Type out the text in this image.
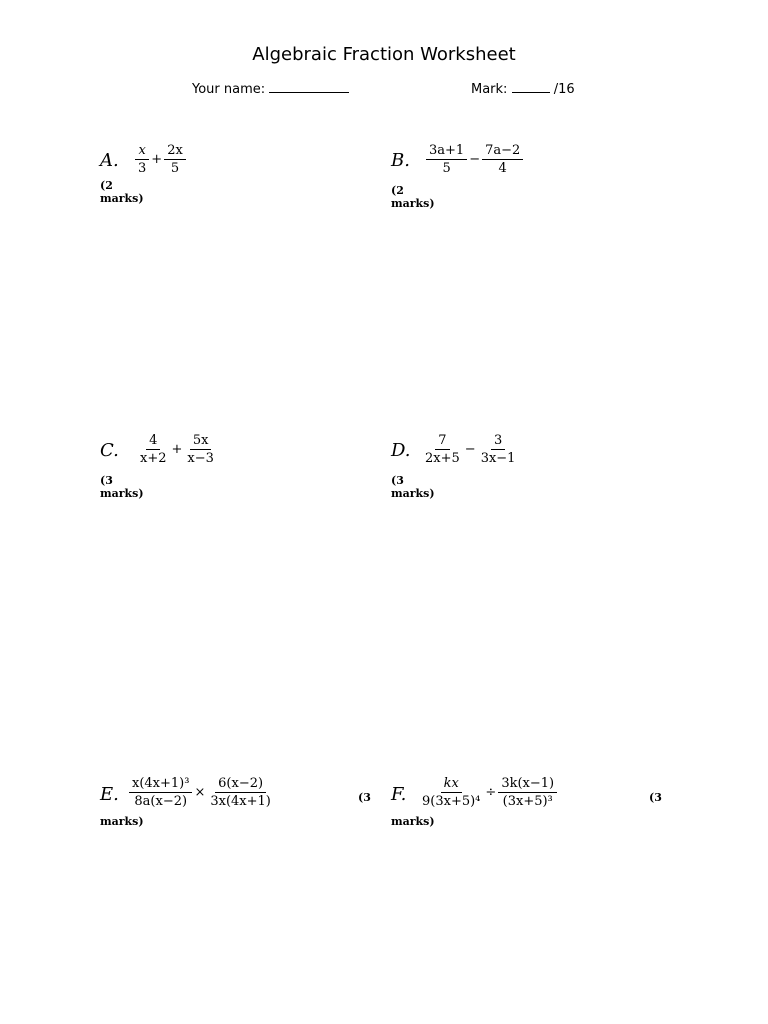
Algebraic Fraction Worksheet
Your name:	Mark:	/16
A. $\frac{x}{3} + \frac{2x}{5}$
(2 marks)
B. $\frac{3a+1}{5} - \frac{7a-2}{4}$
(2 marks)
C. $\frac{4}{x+2} + \frac{5x}{x-3}$
(3 marks)
D. $\frac{7}{2x+5} - \frac{3}{3x-1}$
(3 marks)
E. $\frac{\text{x(4x+1)³}}{8a(x-2)} \times \frac{6(x-2)}{3x(4x+1)}$	(3
marks)
F. $\frac{kx}{\text{9(3x+5)⁴}} \div \frac{3k(x-1)}{\text{(3x+5)³}}$	(3
marks)
